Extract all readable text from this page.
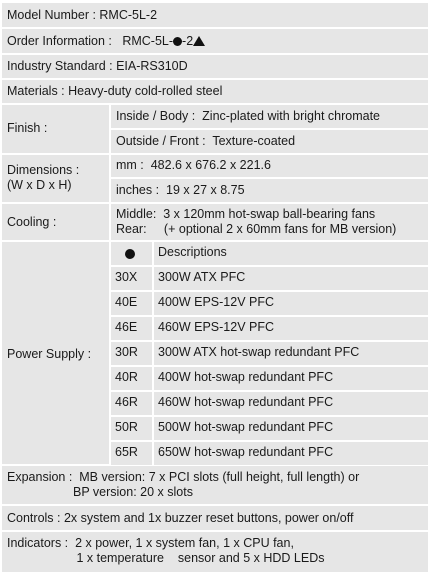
Model Number : RMC-5L-2
Order Information : RMC-5L- -2
Industry Standard : EIA-RS310D
Materials : Heavy-duty cold-rolled steel
Finish :
Inside / Body :  Zinc-plated with bright chromate
Outside / Front :  Texture-coated
Dimensions :
(W x D x H)
mm :  482.6 x 676.2 x 221.6
inches :  19 x 27 x 8.75
Cooling :
Middle:  3 x 120mm hot-swap ball-bearing fans
Rear:     (+ optional 2 x 60mm fans for MB version)
Power Supply :
Descriptions
30X 300W ATX PFC
40E 400W EPS-12V PFC
46E 460W EPS-12V PFC
30R 300W ATX hot-swap redundant PFC
40R 400W hot-swap redundant PFC
46R 460W hot-swap redundant PFC
50R 500W hot-swap redundant PFC
65R 650W hot-swap redundant PFC
Expansion :  MB version: 7 x PCI slots (full height, full length) or
BP version: 20 x slots
Controls : 2x system and 1x buzzer reset buttons, power on/off
Indicators :  2 x power, 1 x system fan, 1 x CPU fan,
1 x temperature    sensor and 5 x HDD LEDs
